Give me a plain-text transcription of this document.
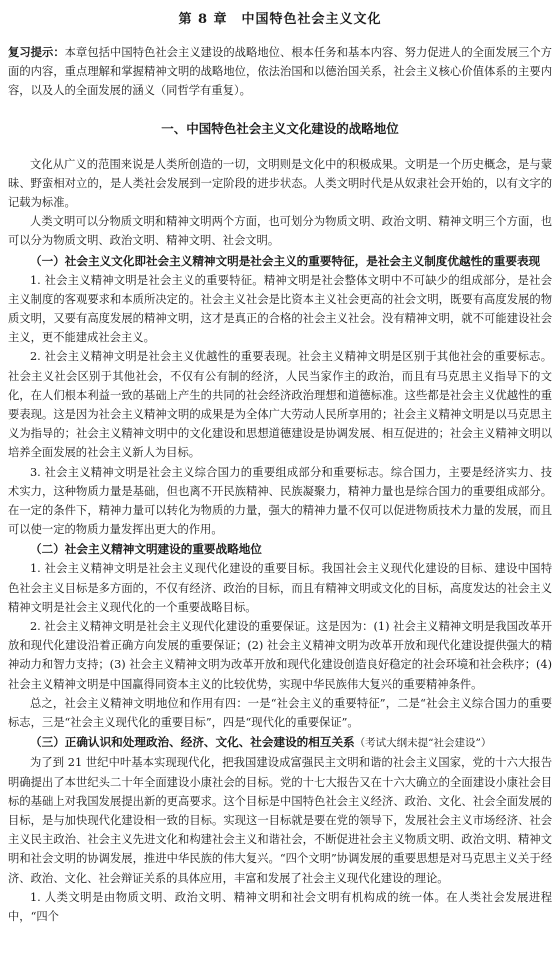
第 8 章　中国特色社会主义文化

复习提示：本章包括中国特色社会主义建设的战略地位、根本任务和基本内容、努力促进人的全面发展三个方面的内容，重点理解和掌握精神文明的战略地位，依法治国和以德治国关系，社会主义核心价值体系的主要内容，以及人的全面发展的涵义（同哲学有重复）。

一、中国特色社会主义文化建设的战略地位

文化从广义的范围来说是人类所创造的一切，文明则是文化中的积极成果。文明是一个历史概念，是与蒙昧、野蛮相对立的，是人类社会发展到一定阶段的进步状态。人类文明时代是从奴隶社会开始的，以有文字的记载为标准。

人类文明可以分物质文明和精神文明两个方面，也可划分为物质文明、政治文明、精神文明三个方面，也可以分为物质文明、政治文明、精神文明、社会文明。

（一）社会主义文化即社会主义精神文明是社会主义的重要特征，是社会主义制度优越性的重要表现

1. 社会主义精神文明是社会主义的重要特征。精神文明是社会整体文明中不可缺少的组成部分，是社会主义制度的客观要求和本质所决定的。社会主义社会是比资本主义社会更高的社会文明，既要有高度发展的物质文明，又要有高度发展的精神文明，这才是真正的合格的社会主义社会。没有精神文明，就不可能建设社会主义，更不能建成社会主义。

2. 社会主义精神文明是社会主义优越性的重要表现。社会主义精神文明是区别于其他社会的重要标志。社会主义社会区别于其他社会，不仅有公有制的经济，人民当家作主的政治，而且有马克思主义指导下的文化，在人们根本利益一致的基础上产生的共同的社会经济政治理想和道德标准。这些都是社会主义优越性的重要表现。这是因为社会主义精神文明的成果是为全体广大劳动人民所享用的；社会主义精神文明是以马克思主义为指导的；社会主义精神文明中的文化建设和思想道德建设是协调发展、相互促进的；社会主义精神文明以培养全面发展的社会主义新人为目标。

3. 社会主义精神文明是社会主义综合国力的重要组成部分和重要标志。综合国力，主要是经济实力、技术实力，这种物质力量是基础，但也离不开民族精神、民族凝聚力，精神力量也是综合国力的重要组成部分。在一定的条件下，精神力量可以转化为物质的力量，强大的精神力量不仅可以促进物质技术力量的发展，而且可以使一定的物质力量发挥出更大的作用。

（二）社会主义精神文明建设的重要战略地位

1. 社会主义精神文明是社会主义现代化建设的重要目标。我国社会主义现代化建设的目标、建设中国特色社会主义目标是多方面的，不仅有经济、政治的目标，而且有精神文明或文化的目标，高度发达的社会主义精神文明是社会主义现代化的一个重要战略目标。

2. 社会主义精神文明是社会主义现代化建设的重要保证。这是因为：(1) 社会主义精神文明是我国改革开放和现代化建设沿着正确方向发展的重要保证；(2) 社会主义精神文明为改革开放和现代化建设提供强大的精神动力和智力支持；(3) 社会主义精神文明为改革开放和现代化建设创造良好稳定的社会环境和社会秩序；(4) 社会主义精神文明是中国赢得同资本主义的比较优势，实现中华民族伟大复兴的重要精神条件。

总之，社会主义精神文明地位和作用有四：一是“社会主义的重要特征”，二是“社会主义综合国力的重要标志，三是“社会主义现代化的重要目标”，四是“现代化的重要保证”。

（三）正确认识和处理政治、经济、文化、社会建设的相互关系（考试大纲未提“社会建设”）

为了到 21 世纪中叶基本实现现代化，把我国建设成富强民主文明和谐的社会主义国家，党的十六大报告明确提出了本世纪头二十年全面建设小康社会的目标。党的十七大报告又在十六大确立的全面建设小康社会目标的基础上对我国发展提出新的更高要求。这个目标是中国特色社会主义经济、政治、文化、社会全面发展的目标，是与加快现代化建设相一致的目标。实现这一目标就是要在党的领导下，发展社会主义市场经济、社会主义民主政治、社会主义先进文化和构建社会主义和谐社会，不断促进社会主义物质文明、政治文明、精神文明和社会文明的协调发展，推进中华民族的伟大复兴。“四个文明”协调发展的重要思想是对马克思主义关于经济、政治、文化、社会辩证关系的具体应用，丰富和发展了社会主义现代化建设的理论。

1. 人类文明是由物质文明、政治文明、精神文明和社会文明有机构成的统一体。在人类社会发展进程中，“四个
